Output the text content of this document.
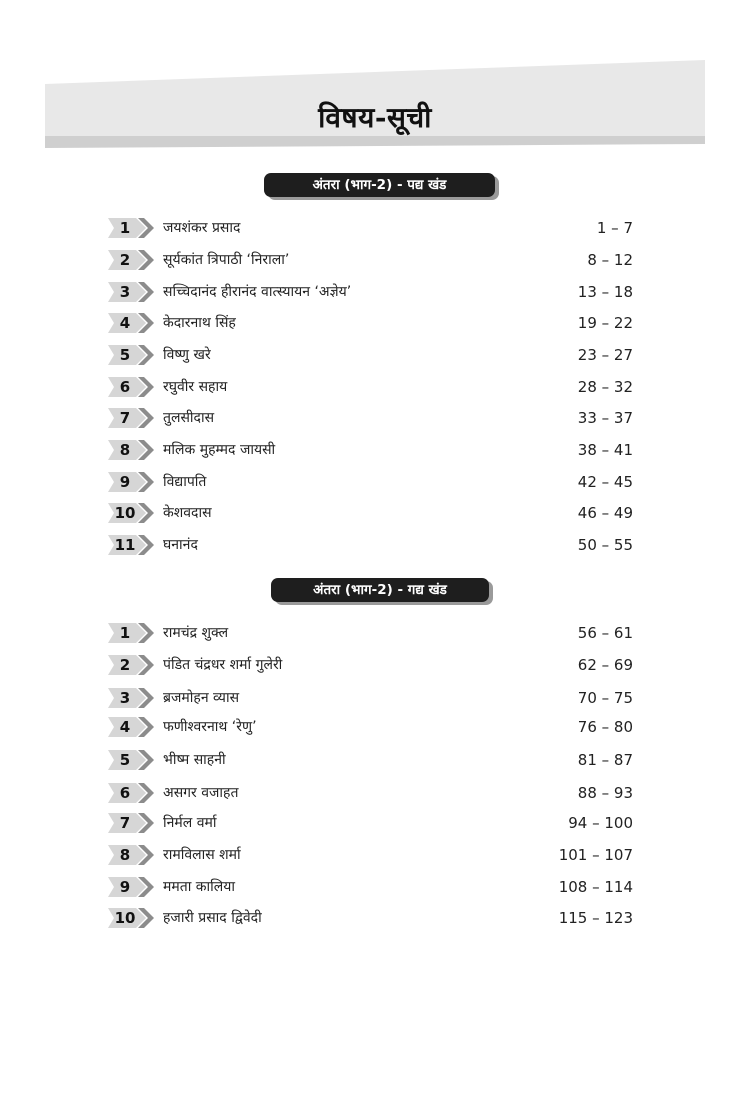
विषय-सूची
अंतरा (भाग-2) - पद्य खंड
1	जयशंकर प्रसाद	1 – 7
2	सूर्यकांत त्रिपाठी ‘निराला’	8 – 12
3	सच्चिदानंद हीरानंद वात्स्यायन ‘अज्ञेय’	13 – 18
4	केदारनाथ सिंह	19 – 22
5	विष्णु खरे	23 – 27
6	रघुवीर सहाय	28 – 32
7	तुलसीदास	33 – 37
8	मलिक मुहम्मद जायसी	38 – 41
9	विद्यापति	42 – 45
10	केशवदास	46 – 49
11	घनानंद	50 – 55
अंतरा (भाग-2) - गद्य खंड
1	रामचंद्र शुक्ल	56 – 61
2	पंडित चंद्रधर शर्मा गुलेरी	62 – 69
3	ब्रजमोहन व्यास	70 – 75
4	फणीश्वरनाथ ‘रेणु’	76 – 80
5	भीष्म साहनी	81 – 87
6	असगर वजाहत	88 – 93
7	निर्मल वर्मा	94 – 100
8	रामविलास शर्मा	101 – 107
9	ममता कालिया	108 – 114
10	हजारी प्रसाद द्विवेदी	115 – 123
